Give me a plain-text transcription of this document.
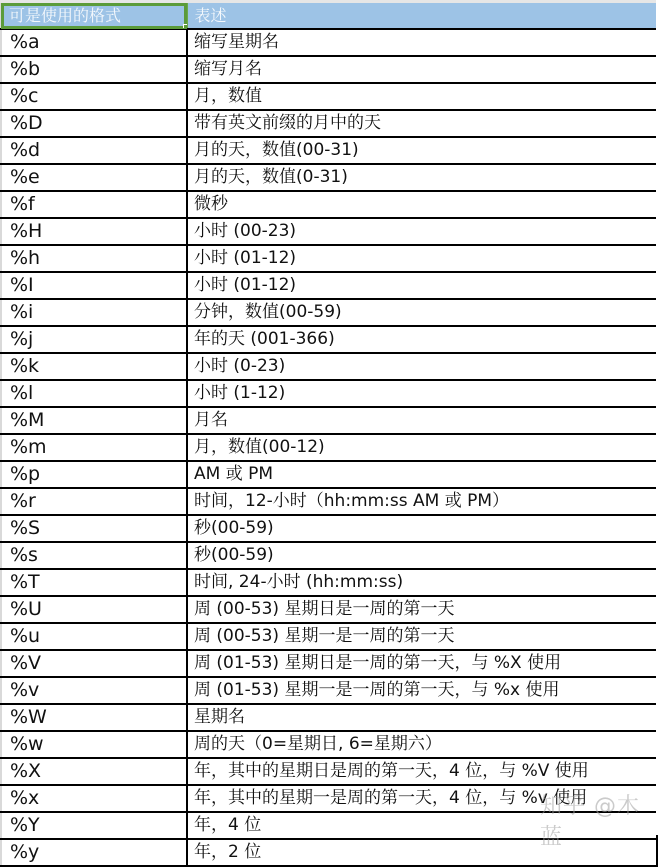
可是使用的格式	表述
%a	缩写星期名
%b	缩写月名
%c	月，数值
%D	带有英文前缀的月中的天
%d	月的天，数值(00-31)
%e	月的天，数值(0-31)
%f	微秒
%H	小时 (00-23)
%h	小时 (01-12)
%I	小时 (01-12)
%i	分钟，数值(00-59)
%j	年的天 (001-366)
%k	小时 (0-23)
%l	小时 (1-12)
%M	月名
%m	月，数值(00-12)
%p	AM 或 PM
%r	时间，12-小时（hh:mm:ss AM 或 PM）
%S	秒(00-59)
%s	秒(00-59)
%T	时间, 24-小时 (hh:mm:ss)
%U	周 (00-53) 星期日是一周的第一天
%u	周 (00-53) 星期一是一周的第一天
%V	周 (01-53) 星期日是一周的第一天，与 %X 使用
%v	周 (01-53) 星期一是一周的第一天，与 %x 使用
%W	星期名
%w	周的天（0=星期日, 6=星期六）
%X	年，其中的星期日是周的第一天，4 位，与 %V 使用
%x	年，其中的星期一是周的第一天，4 位，与 %v 使用
%Y	年，4 位
%y	年，2 位
知乎 @木蓝
